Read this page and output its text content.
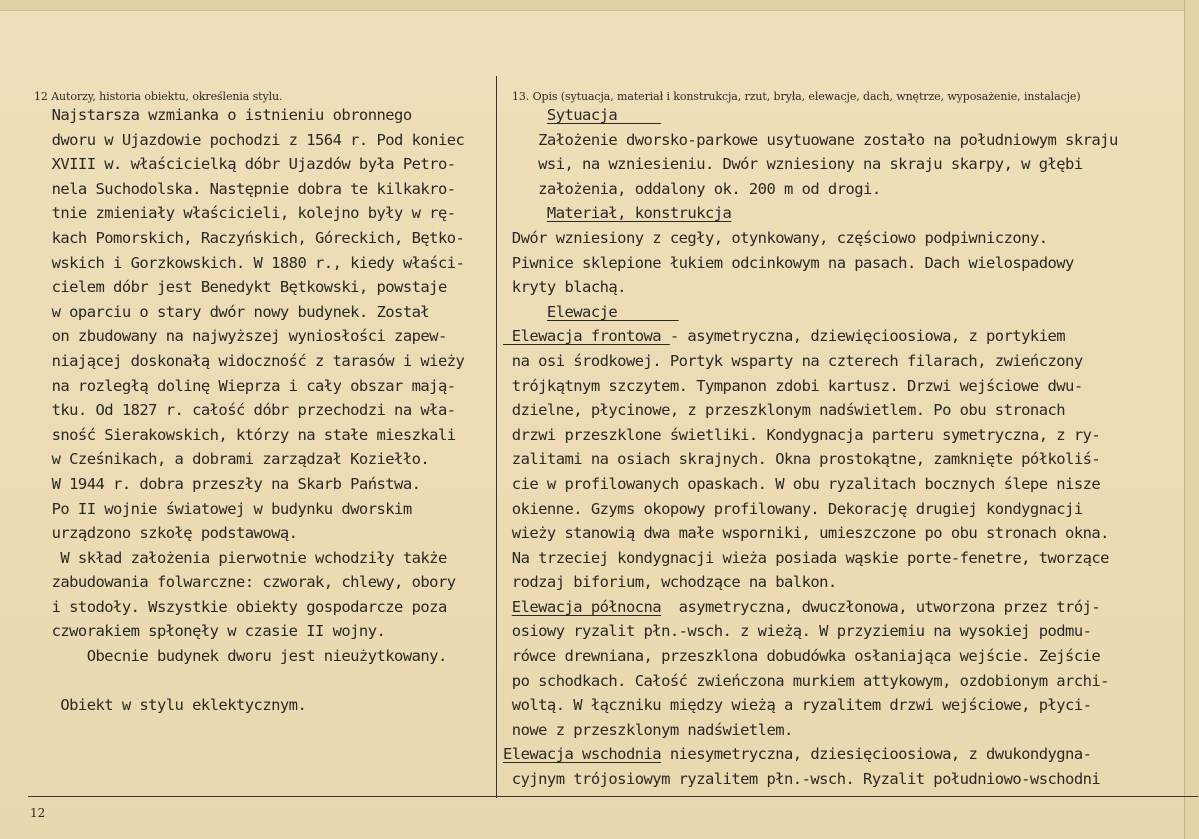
12 Autorzy, historia obiektu, określenia stylu.	13. Opis (sytuacja, materiał i konstrukcja, rzut, bryła, elewacje, dach, wnętrze, wyposażenie, instalacje)
Najstarsza wzmianka o istnieniu obronnego
dworu w Ujazdowie pochodzi z 1564 r. Pod koniec
XVIII w. właścicielką dóbr Ujazdów była Petro-
nela Suchodolska. Następnie dobra te kilkakro-
tnie zmieniały właścicieli, kolejno były w rę-
kach Pomorskich, Raczyńskich, Góreckich, Bętko-
wskich i Gorzkowskich. W 1880 r., kiedy właści-
cielem dóbr jest Benedykt Bętkowski, powstaje
w oparciu o stary dwór nowy budynek. Został
on zbudowany na najwyższej wyniosłości zapew-
niającej doskonałą widoczność z tarasów i wieży
na rozległą dolinę Wieprza i cały obszar mają-
tku. Od 1827 r. całość dóbr przechodzi na wła-
sność Sierakowskich, którzy na stałe mieszkali
w Cześnikach, a dobrami zarządzał Koziełło.
W 1944 r. dobra przeszły na Skarb Państwa.
Po II wojnie światowej w budynku dworskim
urządzono szkołę podstawową.
W skład założenia pierwotnie wchodziły także
zabudowania folwarczne: czworak, chlewy, obory
i stodoły. Wszystkie obiekty gospodarcze poza
czworakiem spłonęły w czasie II wojny.
Obecnie budynek dworu jest nieużytkowany.
Obiekt w stylu eklektycznym.
Sytuacja
Założenie dworsko-parkowe usytuowane zostało na południowym skraju
wsi, na wzniesieniu. Dwór wzniesiony na skraju skarpy, w głębi
założenia, oddalony ok. 200 m od drogi.
Materiał, konstrukcja
Dwór wzniesiony z cegły, otynkowany, częściowo podpiwniczony.
Piwnice sklepione łukiem odcinkowym na pasach. Dach wielospadowy
kryty blachą.
Elewacje
Elewacja frontowa - asymetryczna, dziewięcioosiowa, z portykiem
na osi środkowej. Portyk wsparty na czterech filarach, zwieńczony
trójkątnym szczytem. Tympanon zdobi kartusz. Drzwi wejściowe dwu-
dzielne, płycinowe, z przeszklonym nadświetlem. Po obu stronach
drzwi przeszklone świetliki. Kondygnacja parteru symetryczna, z ry-
zalitami na osiach skrajnych. Okna prostokątne, zamknięte półkoliś-
cie w profilowanych opaskach. W obu ryzalitach bocznych ślepe nisze
okienne. Gzyms okopowy profilowany. Dekorację drugiej kondygnacji
wieży stanowią dwa małe wsporniki, umieszczone po obu stronach okna.
Na trzeciej kondygnacji wieża posiada wąskie porte-fenetre, tworzące
rodzaj biforium, wchodzące na balkon.
Elewacja północna  asymetryczna, dwuczłonowa, utworzona przez trój-
osiowy ryzalit płn.-wsch. z wieżą. W przyziemiu na wysokiej podmu-
rówce drewniana, przeszklona dobudówka osłaniająca wejście. Zejście
po schodkach. Całość zwieńczona murkiem attykowym, ozdobionym archi-
woltą. W łączniku między wieżą a ryzalitem drzwi wejściowe, płyci-
nowe z przeszklonym nadświetlem.
Elewacja wschodnia niesymetryczna, dziesięcioosiowa, z dwukondygna-
cyjnym trójosiowym ryzalitem płn.-wsch. Ryzalit południowo-wschodni
12
